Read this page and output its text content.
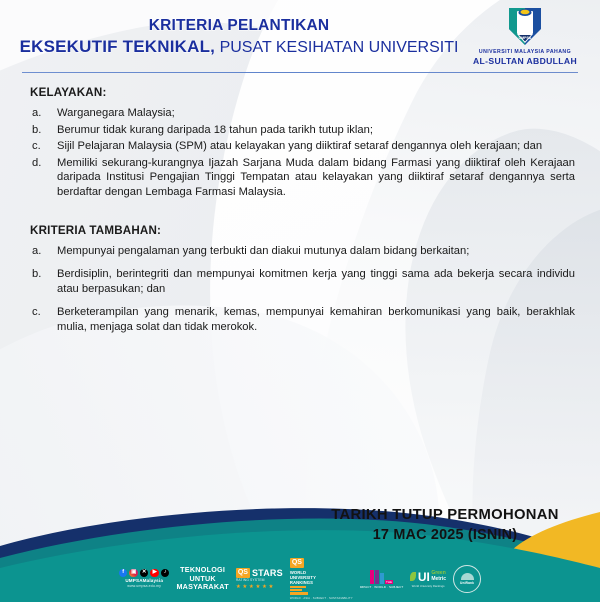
KRITERIA PELANTIKAN
EKSEKUTIF TEKNIKAL, PUSAT KESIHATAN UNIVERSITI
UMPSA
UNIVERSITI MALAYSIA PAHANG
AL-SULTAN ABDULLAH
KELAYAKAN:
a.	Warganegara Malaysia;
b.	Berumur tidak kurang daripada 18 tahun pada tarikh tutup iklan;
c.	Sijil Pelajaran Malaysia (SPM) atau kelayakan yang diiktiraf setaraf dengannya oleh kerajaan; dan
d.	Memiliki sekurang-kurangnya Ijazah Sarjana Muda dalam bidang Farmasi yang diiktiraf oleh Kerajaan daripada Institusi Pengajian Tinggi Tempatan atau kelayakan yang diiktiraf setaraf dengannya serta berdaftar dengan Lembaga Farmasi Malaysia.
KRITERIA TAMBAHAN:
a.	Mempunyai pengalaman yang terbukti dan diakui mutunya dalam bidang berkaitan;
b.	Berdisiplin, berintegriti dan mempunyai komitmen kerja yang tinggi sama ada bekerja secara individu atau berpasukan; dan
c.	Berketerampilan yang menarik, kemas, mempunyai kemahiran berkomunikasi yang baik, berakhlak mulia, menjaga solat dan tidak merokok.
TARIKH TUTUP PERMOHONAN
17 MAC 2025 (ISNIN)
f	▣	✕	▶	♪
UMPSAMalaysia
www.umpsa.edu.my
TEKNOLOGI
UNTUK
MASYARAKAT
QS STARS
RATING SYSTEM
★ ★ ★ ★ ★ ★
QS
WORLD
UNIVERSITY
RANKINGS
WORLD · ASIA · SUBJECT · SUSTAINABILITY
THE
IMPACT · WORLD · SUBJECT
UI Green
Metric
World University Rankings
UniRank
